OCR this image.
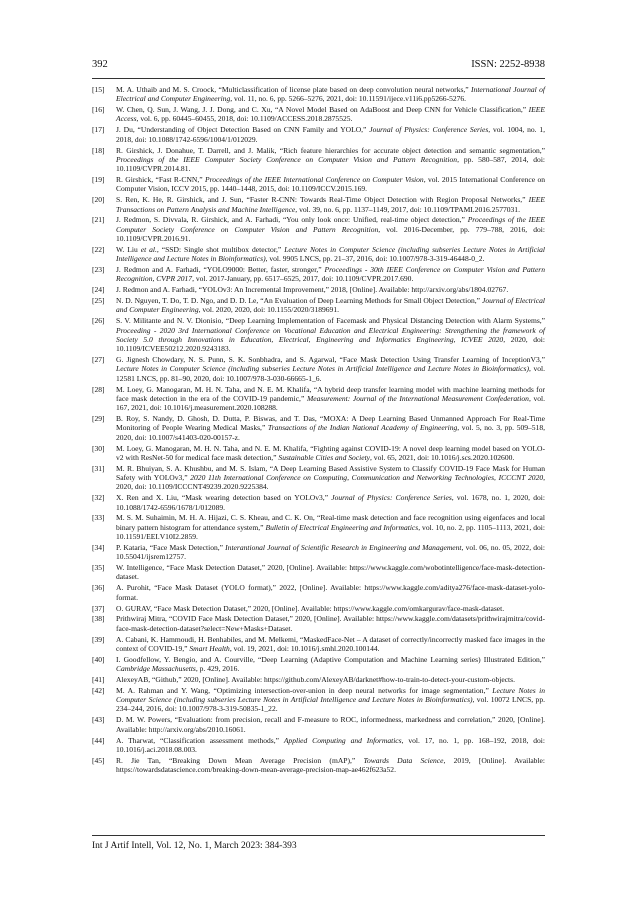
392	ISSN: 2252-8938
[15]	M. A. Uthaib and M. S. Croock, “Multiclassification of license plate based on deep convolution neural networks,” International Journal of Electrical and Computer Engineering, vol. 11, no. 6, pp. 5266–5276, 2021, doi: 10.11591/ijece.v11i6.pp5266-5276.
[16]	W. Chen, Q. Sun, J. Wang, J. J. Dong, and C. Xu, “A Novel Model Based on AdaBoost and Deep CNN for Vehicle Classification,” IEEE Access, vol. 6, pp. 60445–60455, 2018, doi: 10.1109/ACCESS.2018.2875525.
[17]	J. Du, “Understanding of Object Detection Based on CNN Family and YOLO,” Journal of Physics: Conference Series, vol. 1004, no. 1, 2018, doi: 10.1088/1742-6596/1004/1/012029.
[18]	R. Girshick, J. Donahue, T. Darrell, and J. Malik, “Rich feature hierarchies for accurate object detection and semantic segmentation,” Proceedings of the IEEE Computer Society Conference on Computer Vision and Pattern Recognition, pp. 580–587, 2014, doi: 10.1109/CVPR.2014.81.
[19]	R. Girshick, “Fast R-CNN,” Proceedings of the IEEE International Conference on Computer Vision, vol. 2015 International Conference on Computer Vision, ICCV 2015, pp. 1440–1448, 2015, doi: 10.1109/ICCV.2015.169.
[20]	S. Ren, K. He, R. Girshick, and J. Sun, “Faster R-CNN: Towards Real-Time Object Detection with Region Proposal Networks,” IEEE Transactions on Pattern Analysis and Machine Intelligence, vol. 39, no. 6, pp. 1137–1149, 2017, doi: 10.1109/TPAMI.2016.2577031.
[21]	J. Redmon, S. Divvala, R. Girshick, and A. Farhadi, “You only look once: Unified, real-time object detection,” Proceedings of the IEEE Computer Society Conference on Computer Vision and Pattern Recognition, vol. 2016-December, pp. 779–788, 2016, doi: 10.1109/CVPR.2016.91.
[22]	W. Liu et al., “SSD: Single shot multibox detector,” Lecture Notes in Computer Science (including subseries Lecture Notes in Artificial Intelligence and Lecture Notes in Bioinformatics), vol. 9905 LNCS, pp. 21–37, 2016, doi: 10.1007/978-3-319-46448-0_2.
[23]	J. Redmon and A. Farhadi, “YOLO9000: Better, faster, stronger,” Proceedings - 30th IEEE Conference on Computer Vision and Pattern Recognition, CVPR 2017, vol. 2017-January, pp. 6517–6525, 2017, doi: 10.1109/CVPR.2017.690.
[24]	J. Redmon and A. Farhadi, “YOLOv3: An Incremental Improvement,” 2018, [Online]. Available: http://arxiv.org/abs/1804.02767.
[25]	N. D. Nguyen, T. Do, T. D. Ngo, and D. D. Le, “An Evaluation of Deep Learning Methods for Small Object Detection,” Journal of Electrical and Computer Engineering, vol. 2020, 2020, doi: 10.1155/2020/3189691.
[26]	S. V. Militante and N. V. Dionisio, “Deep Learning Implementation of Facemask and Physical Distancing Detection with Alarm Systems,” Proceeding - 2020 3rd International Conference on Vocational Education and Electrical Engineering: Strengthening the framework of Society 5.0 through Innovations in Education, Electrical, Engineering and Informatics Engineering, ICVEE 2020, 2020, doi: 10.1109/ICVEE50212.2020.9243183.
[27]	G. Jignesh Chowdary, N. S. Punn, S. K. Sonbhadra, and S. Agarwal, “Face Mask Detection Using Transfer Learning of InceptionV3,” Lecture Notes in Computer Science (including subseries Lecture Notes in Artificial Intelligence and Lecture Notes in Bioinformatics), vol. 12581 LNCS, pp. 81–90, 2020, doi: 10.1007/978-3-030-66665-1_6.
[28]	M. Loey, G. Manogaran, M. H. N. Taha, and N. E. M. Khalifa, “A hybrid deep transfer learning model with machine learning methods for face mask detection in the era of the COVID-19 pandemic,” Measurement: Journal of the International Measurement Confederation, vol. 167, 2021, doi: 10.1016/j.measurement.2020.108288.
[29]	B. Roy, S. Nandy, D. Ghosh, D. Dutta, P. Biswas, and T. Das, “MOXA: A Deep Learning Based Unmanned Approach For Real-Time Monitoring of People Wearing Medical Masks,” Transactions of the Indian National Academy of Engineering, vol. 5, no. 3, pp. 509–518, 2020, doi: 10.1007/s41403-020-00157-z.
[30]	M. Loey, G. Manogaran, M. H. N. Taha, and N. E. M. Khalifa, “Fighting against COVID-19: A novel deep learning model based on YOLO-v2 with ResNet-50 for medical face mask detection,” Sustainable Cities and Society, vol. 65, 2021, doi: 10.1016/j.scs.2020.102600.
[31]	M. R. Bhuiyan, S. A. Khushbu, and M. S. Islam, “A Deep Learning Based Assistive System to Classify COVID-19 Face Mask for Human Safety with YOLOv3,” 2020 11th International Conference on Computing, Communication and Networking Technologies, ICCCNT 2020, 2020, doi: 10.1109/ICCCNT49239.2020.9225384.
[32]	X. Ren and X. Liu, “Mask wearing detection based on YOLOv3,” Journal of Physics: Conference Series, vol. 1678, no. 1, 2020, doi: 10.1088/1742-6596/1678/1/012089.
[33]	M. S. M. Suhaimin, M. H. A. Hijazi, C. S. Kheau, and C. K. On, “Real-time mask detection and face recognition using eigenfaces and local binary pattern histogram for attendance system,” Bulletin of Electrical Engineering and Informatics, vol. 10, no. 2, pp. 1105–1113, 2021, doi: 10.11591/EEI.V10I2.2859.
[34]	P. Kataria, “Face Mask Detection,” Interantional Journal of Scientific Research in Engineering and Management, vol. 06, no. 05, 2022, doi: 10.55041/ijsrem12757.
[35]	W. Intelligence, “Face Mask Detection Dataset,” 2020, [Online]. Available: https://www.kaggle.com/wobotintelligence/face-mask-detection-dataset.
[36]	A. Purohit, “Face Mask Dataset (YOLO format),” 2022, [Online]. Available: https://www.kaggle.com/aditya276/face-mask-dataset-yolo-format.
[37]	O. GURAV, “Face Mask Detection Dataset,” 2020, [Online]. Available: https://www.kaggle.com/omkargurav/face-mask-dataset.
[38]	Prithwiraj Mitra, “COVID Face Mask Detection Dataset,” 2020, [Online]. Available: https://www.kaggle.com/datasets/prithwirajmitra/covid-face-mask-detection-dataset?select=New+Masks+Dataset.
[39]	A. Cabani, K. Hammoudi, H. Benhabiles, and M. Melkemi, “MaskedFace-Net – A dataset of correctly/incorrectly masked face images in the context of COVID-19,” Smart Health, vol. 19, 2021, doi: 10.1016/j.smhl.2020.100144.
[40]	I. Goodfellow, Y. Bengio, and A. Courville, “Deep Learning (Adaptive Computation and Machine Learning series) Illustrated Edition,” Cambridge Massachusetts, p. 429, 2016.
[41]	AlexeyAB, “Github,” 2020, [Online]. Available: https://github.com/AlexeyAB/darknet#how-to-train-to-detect-your-custom-objects.
[42]	M. A. Rahman and Y. Wang, “Optimizing intersection-over-union in deep neural networks for image segmentation,” Lecture Notes in Computer Science (including subseries Lecture Notes in Artificial Intelligence and Lecture Notes in Bioinformatics), vol. 10072 LNCS, pp. 234–244, 2016, doi: 10.1007/978-3-319-50835-1_22.
[43]	D. M. W. Powers, “Evaluation: from precision, recall and F-measure to ROC, informedness, markedness and correlation,” 2020, [Online]. Available: http://arxiv.org/abs/2010.16061.
[44]	A. Tharwat, “Classification assessment methods,” Applied Computing and Informatics, vol. 17, no. 1, pp. 168–192, 2018, doi: 10.1016/j.aci.2018.08.003.
[45]	R. Jie Tan, “Breaking Down Mean Average Precision (mAP),” Towards Data Science, 2019, [Online]. Available: https://towardsdatascience.com/breaking-down-mean-average-precision-map-ae462f623a52.
Int J Artif Intell, Vol. 12, No. 1, March 2023: 384-393
